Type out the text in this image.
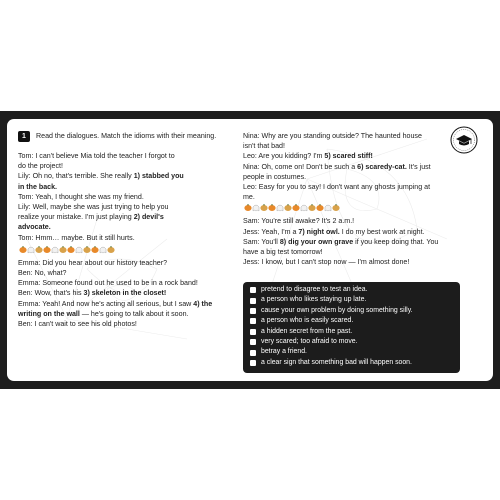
1	Read the dialogues. Match the idioms with their meaning.
Tom: I can't believe Mia told the teacher I forgot to
do the project!
Lily: Oh no, that's terrible. She really 1) stabbed you
in the back.
Tom: Yeah, I thought she was my friend.
Lily: Well, maybe she was just trying to help you
realize your mistake. I'm just playing 2) devil's
advocate.
Tom: Hmm… maybe. But it still hurts.
Emma: Did you hear about our history teacher?
Ben: No, what?
Emma: Someone found out he used to be in a rock band!
Ben: Wow, that's his 3) skeleton in the closet!
Emma: Yeah! And now he's acting all serious, but I saw 4) the
writing on the wall — he's going to talk about it soon.
Ben: I can't wait to see his old photos!
Nina: Why are you standing outside? The haunted house
isn't that bad!
Leo: Are you kidding? I'm 5) scared stiff!
Nina: Oh, come on! Don't be such a 6) scaredy-cat. It's just
people in costumes.
Leo: Easy for you to say! I don't want any ghosts jumping at
me.
Sam: You're still awake? It's 2 a.m.!
Jess: Yeah, I'm a 7) night owl. I do my best work at night.
Sam: You'll 8) dig your own grave if you keep doing that. You
have a big test tomorrow!
Jess: I know, but I can't stop now — I'm almost done!
pretend to disagree to test an idea.
a person who likes staying up late.
cause your own problem by doing something silly.
a person who is easily scared.
a hidden secret from the past.
very scared; too afraid to move.
betray a friend.
a clear sign that something bad will happen soon.
